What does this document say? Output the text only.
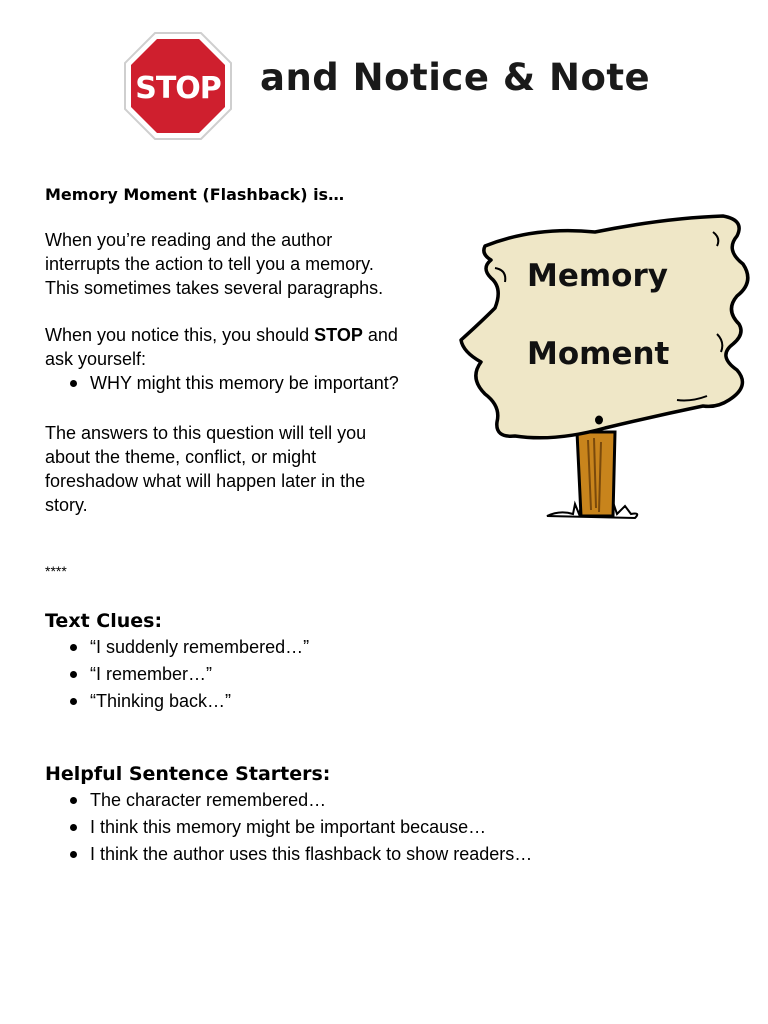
STOP and Notice & Note
Memory Moment (Flashback) is…

When you’re reading and the author
interrupts the action to tell you a memory.
This sometimes takes several paragraphs.

When you notice this, you should STOP and
ask yourself:

WHY might this memory be important?

The answers to this question will tell you
about the theme, conflict, or might
foreshadow what will happen later in the
story.

Memory

Moment

****

Text Clues:
“I suddenly remembered…”
“I remember…”
“Thinking back…”
Helpful Sentence Starters:
The character remembered…
I think this memory might be important because…
I think the author uses this flashback to show readers…
